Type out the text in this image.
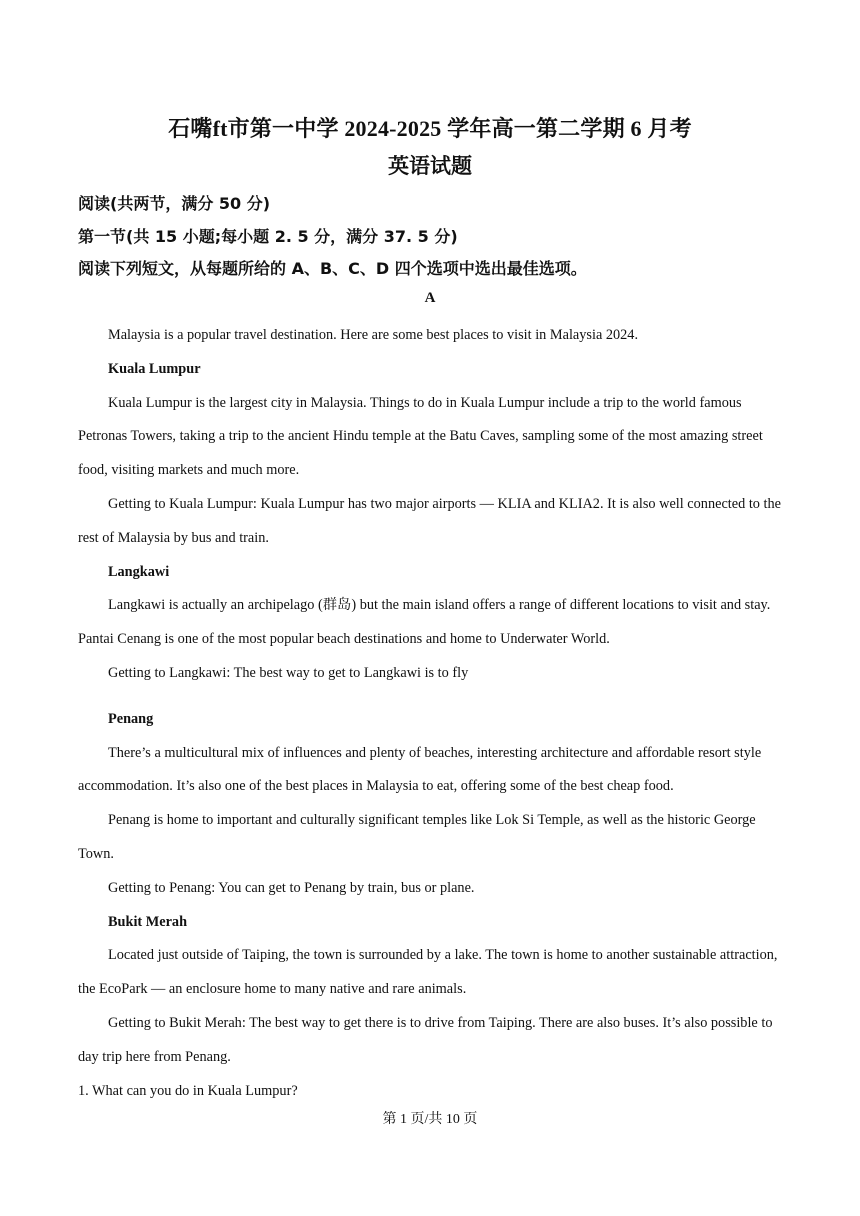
石嘴ft市第一中学 2024-2025 学年高一第二学期 6 月考
英语试题
阅读(共两节，满分 50 分)
第一节(共 15 小题;每小题 2. 5 分，满分 37. 5 分)
阅读下列短文，从每题所给的 A、B、C、D 四个选项中选出最佳选项。
A

Malaysia is a popular travel destination. Here are some best places to visit in Malaysia 2024.

Kuala Lumpur

Kuala Lumpur is the largest city in Malaysia. Things to do in Kuala Lumpur include a trip to the world famous Petronas Towers, taking a trip to the ancient Hindu temple at the Batu Caves, sampling some of the most amazing street food, visiting markets and much more.

Getting to Kuala Lumpur: Kuala Lumpur has two major airports — KLIA and KLIA2. It is also well connected to the rest of Malaysia by bus and train.

Langkawi

Langkawi is actually an archipelago (群岛) but the main island offers a range of different locations to visit and stay. Pantai Cenang is one of the most popular beach destinations and home to Underwater World.

Getting to Langkawi: The best way to get to Langkawi is to fly

Penang

There’s a multicultural mix of influences and plenty of beaches, interesting architecture and affordable resort style accommodation. It’s also one of the best places in Malaysia to eat, offering some of the best cheap food.

Penang is home to important and culturally significant temples like Lok Si Temple, as well as the historic George Town.

Getting to Penang: You can get to Penang by train, bus or plane.

Bukit Merah

Located just outside of Taiping, the town is surrounded by a lake. The town is home to another sustainable attraction, the EcoPark — an enclosure home to many native and rare animals.

Getting to Bukit Merah: The best way to get there is to drive from Taiping. There are also buses. It’s also possible to day trip here from Penang.

1. What can you do in Kuala Lumpur?

第 1 页/共 10 页
